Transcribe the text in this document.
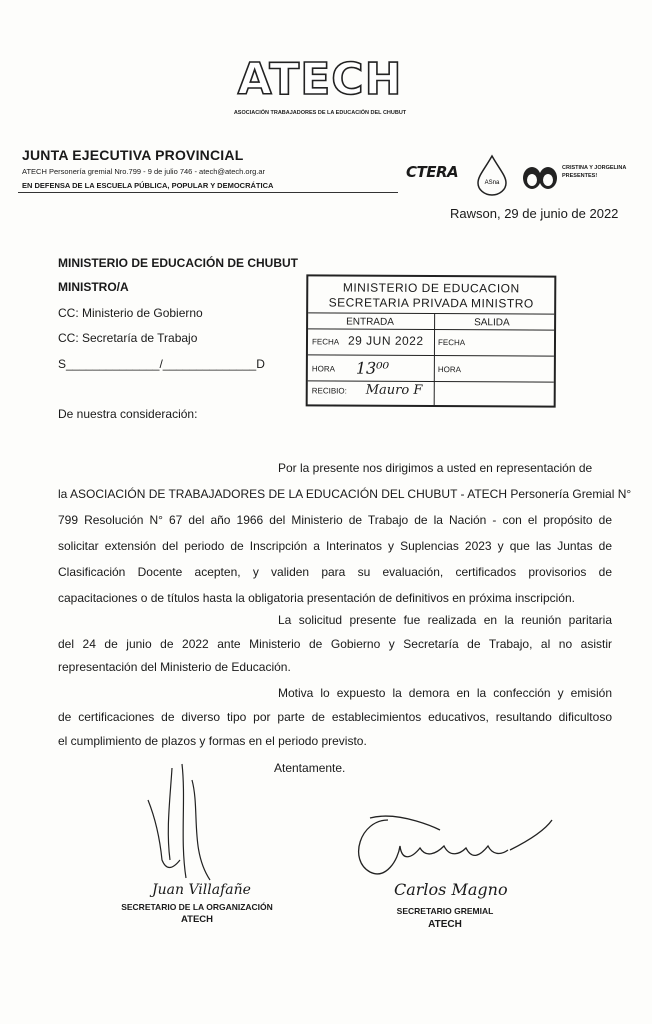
ATECH
ASOCIACIÓN TRABAJADORES DE LA EDUCACIÓN DEL CHUBUT
JUNTA EJECUTIVA PROVINCIAL
ATECH Personería gremial Nro.799 - 9 de julio 746 - atech@atech.org.ar
EN DEFENSA DE LA ESCUELA PÚBLICA, POPULAR Y DEMOCRÁTICA
CTERA
ASna
CRISTINA Y JORGELINA PRESENTES!
Rawson, 29 de junio de 2022
MINISTERIO DE EDUCACIÓN DE CHUBUT
MINISTRO/A
CC: Ministerio de Gobierno
CC: Secretaría de Trabajo
S______________/______________D
MINISTERIO DE EDUCACION
SECRETARIA PRIVADA MINISTRO
ENTRADA	SALIDA
FECHA 29 JUN 2022 FECHA
HORA 13⁰⁰	HORA
RECIBIO: Mauro F
De nuestra consideración:
Por la presente nos dirigimos a usted en representación de
la ASOCIACIÓN DE TRABAJADORES DE LA EDUCACIÓN DEL CHUBUT - ATECH Personería Gremial N°
799 Resolución N° 67 del año 1966 del Ministerio de Trabajo de la Nación - con el propósito de
solicitar extensión del periodo de Inscripción a Interinatos y Suplencias 2023 y que las Juntas de
Clasificación Docente acepten, y validen para su evaluación, certificados provisorios de
capacitaciones o de títulos hasta la obligatoria presentación de definitivos en próxima inscripción.
La solicitud presente fue realizada en la reunión paritaria
del 24 de junio de 2022 ante Ministerio de Gobierno y Secretaría de Trabajo, al no asistir
representación del Ministerio de Educación.
Motiva lo expuesto la demora en la confección y emisión
de certificaciones de diverso tipo por parte de establecimientos educativos, resultando dificultoso
el cumplimiento de plazos y formas en el periodo previsto.
Atentamente.
Juan Villafañe
SECRETARIO DE LA ORGANIZACIÓN
ATECH
Carlos Magno
SECRETARIO GREMIAL
ATECH
